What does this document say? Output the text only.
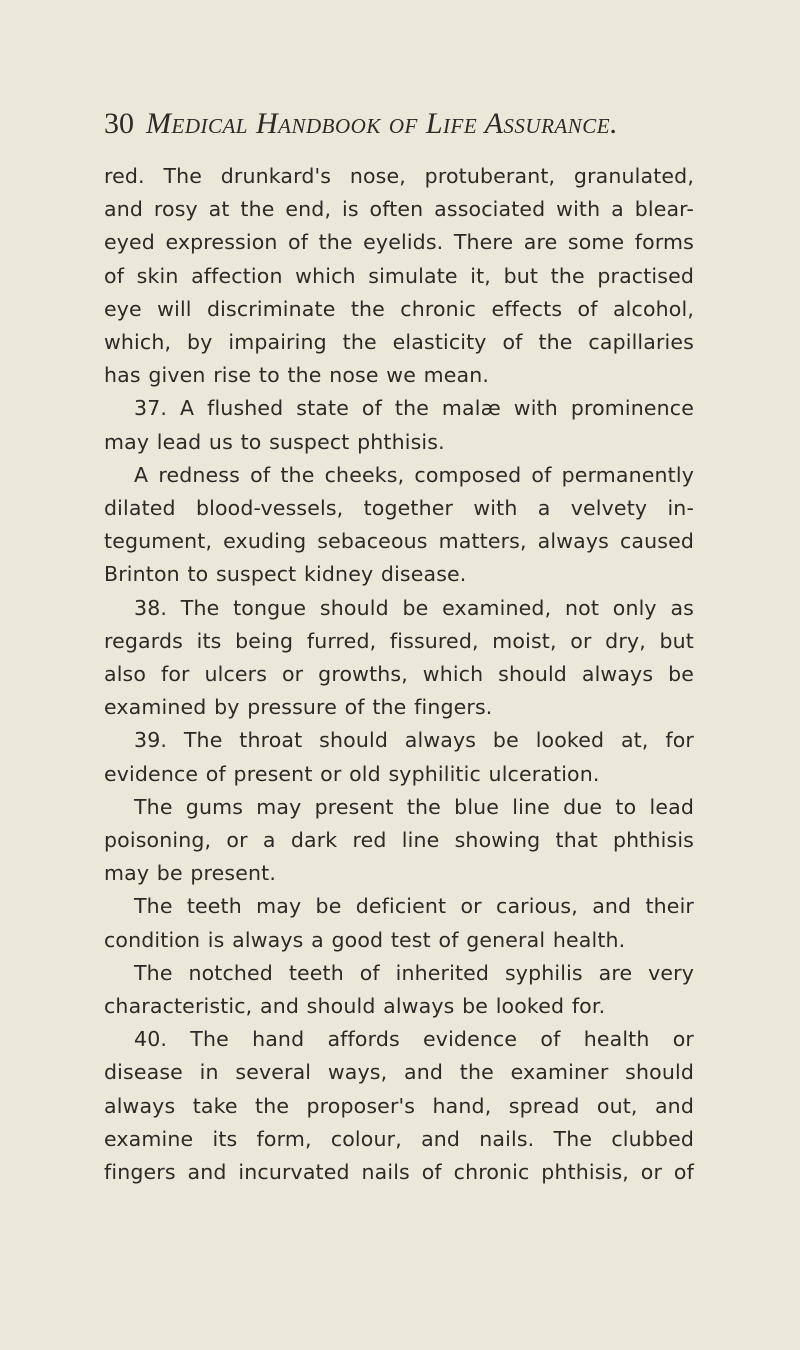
30 Medical Handbook of Life Assurance.

red. The drunkard's nose, protuberant, granulated,
and rosy at the end, is often associated with a blear-
eyed expression of the eyelids. There are some forms
of skin affection which simulate it, but the practised
eye will discriminate the chronic effects of alcohol,
which, by impairing the elasticity of the capillaries
has given rise to the nose we mean.

37. A flushed state of the malæ with prominence
may lead us to suspect phthisis.

A redness of the cheeks, composed of permanently
dilated blood-vessels, together with a velvety in-
tegument, exuding sebaceous matters, always caused
Brinton to suspect kidney disease.

38. The tongue should be examined, not only as
regards its being furred, fissured, moist, or dry, but
also for ulcers or growths, which should always be
examined by pressure of the fingers.

39. The throat should always be looked at, for
evidence of present or old syphilitic ulceration.

The gums may present the blue line due to lead
poisoning, or a dark red line showing that phthisis
may be present.

The teeth may be deficient or carious, and their
condition is always a good test of general health.

The notched teeth of inherited syphilis are very
characteristic, and should always be looked for.

40. The hand affords evidence of health or
disease in several ways, and the examiner should
always take the proposer's hand, spread out, and
examine its form, colour, and nails. The clubbed
fingers and incurvated nails of chronic phthisis, or of
